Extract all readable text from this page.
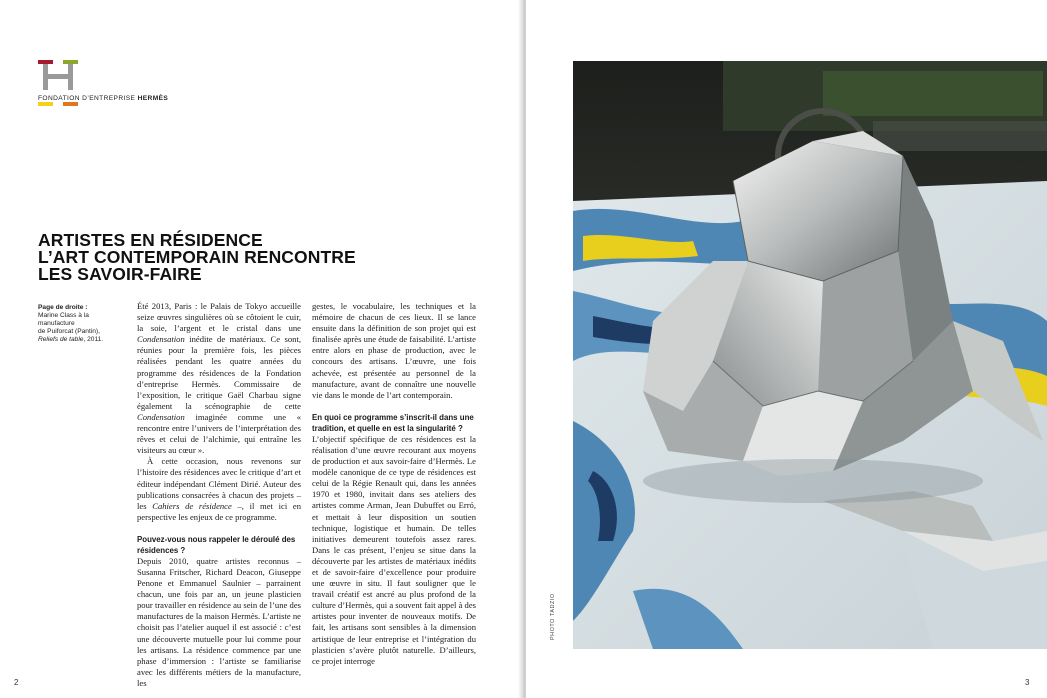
FONDATION D’ENTREPRISE HERMÈS
ARTISTES EN RÉSIDENCE
L’ART CONTEMPORAIN RENCONTRE
LES SAVOIR-FAIRE
Page de droite :
Marine Class à la manufacture
de Puiforcat (Pantin),
Reliefs de table, 2011.

Été 2013, Paris : le Palais de Tokyo accueille seize œuvres singulières où se côtoient le cuir, la soie, l’argent et le cristal dans une Condensation inédite de matériaux. Ce sont, réunies pour la première fois, les pièces réalisées pendant les quatre années du programme des résidences de la Fondation d’entreprise Hermès. Commissaire de l’exposition, le critique Gaël Charbau signe également la scénographie de cette Condensation imaginée comme une « rencontre entre l’univers de l’interprétation des rêves et celui de l’alchimie, qui entraîne les visiteurs au cœur ».

À cette occasion, nous revenons sur l’histoire des résidences avec le critique d’art et éditeur indépendant Clément Dirié. Auteur des publications consacrées à chacun des projets – les Cahiers de résidence –, il met ici en perspective les enjeux de ce programme.

Pouvez-vous nous rappeler le déroulé des résidences ?

Depuis 2010, quatre artistes reconnus – Susanna Fritscher, Richard Deacon, Giuseppe Penone et Emmanuel Saulnier – parrainent chacun, une fois par an, un jeune plasticien pour travailler en résidence au sein de l’une des manufactures de la maison Hermès. L’artiste ne choisit pas l’atelier auquel il est associé : c’est une découverte mutuelle pour lui comme pour les artisans. La résidence commence par une phase d’immersion : l’artiste se familiarise avec les différents métiers de la manufacture, les

gestes, le vocabulaire, les techniques et la mémoire de chacun de ces lieux. Il se lance ensuite dans la définition de son projet qui est finalisée après une étude de faisabilité. L’artiste entre alors en phase de production, avec le concours des artisans. L’œuvre, une fois achevée, est présentée au personnel de la manufacture, avant de connaître une nouvelle vie dans le monde de l’art contemporain.

En quoi ce programme s’inscrit-il dans une tradition, et quelle en est la singularité ?

L’objectif spécifique de ces résidences est la réalisation d’une œuvre recourant aux moyens de production et aux savoir-faire d’Hermès. Le modèle canonique de ce type de résidences est celui de la Régie Renault qui, dans les années 1970 et 1980, invitait dans ses ateliers des artistes comme Arman, Jean Dubuffet ou Erró, et mettait à leur disposition un soutien technique, logistique et humain. De telles initiatives demeurent toutefois assez rares. Dans le cas présent, l’enjeu se situe dans la découverte par les artistes de matériaux inédits et de savoir-faire d’excellence pour produire une œuvre in situ. Il faut souligner que le travail créatif est ancré au plus profond de la culture d’Hermès, qui a souvent fait appel à des artistes pour inventer de nouveaux motifs. De fait, les artisans sont sensibles à la dimension artistique de leur entreprise et l’intégration du plasticien s’avère plutôt naturelle. D’ailleurs, ce projet interroge

2
PHOTO TADZIO
3
